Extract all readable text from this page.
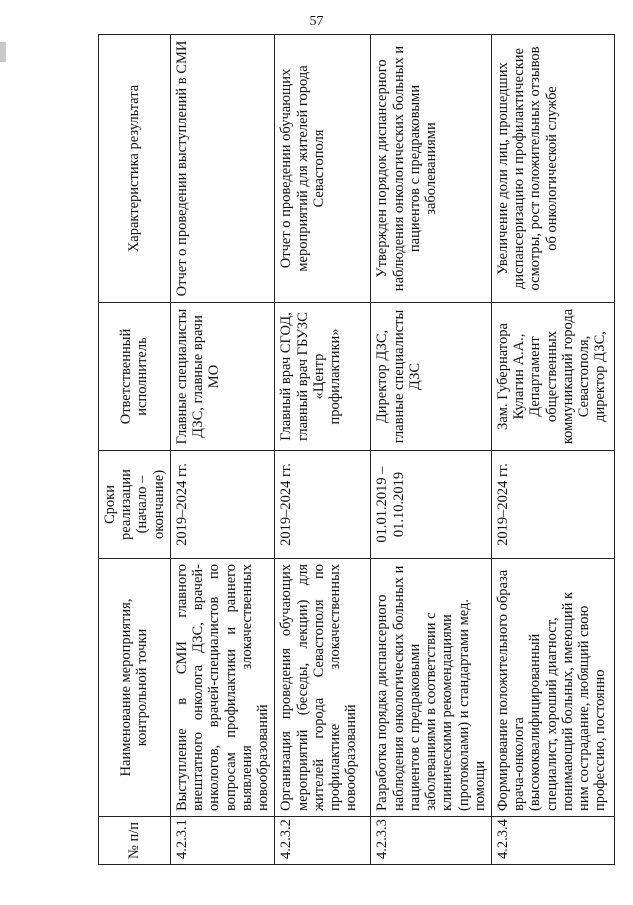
57
№ п/п	Наименование мероприятия, контрольной точки	Сроки реализации (начало – окончание)	Ответственный исполнитель	Характеристика результата
4.2.3.1	Выступление в СМИ главного внештатного онколога ДЗС, врачей-онкологов, врачей-специалистов по вопросам профилактики и раннего выявления злокачественных новообразований	2019–2024 гг.	Главные специалисты ДЗС, главные врачи МО	Отчет о проведении выступлений в СМИ
4.2.3.2	Организация проведения обучающих мероприятий (беседы, лекции) для жителей города Севастополя по профилактике злокачественных новообразований	2019–2024 гг.	Главный врач СГОД, главный врач ГБУЗС «Центр профилактики»	Отчет о проведении обучающих мероприятий для жителей города Севастополя
4.2.3.3	Разработка порядка диспансерного наблюдения онкологических больных и пациентов с предраковыми заболеваниями в соответствии с клиническими рекомендациями (протоколами) и стандартами мед. помощи	01.01.2019 – 01.10.2019	Директор ДЗС, главные специалисты ДЗС	Утвержден порядок диспансерного наблюдения онкологических больных и пациентов с предраковыми заболеваниями
4.2.3.4	Формирование положительного образа врача-онколога (высококвалифицированный специалист, хороший диагност, понимающий больных, имеющий к ним сострадание, любящий свою профессию, постоянно	2019–2024 гг.	Зам. Губернатора Кулагин А.А., Департамент общественных коммуникаций города Севастополя, директор ДЗС,	Увеличение доли лиц, прошедших диспансеризацию и профилактические осмотры, рост положительных отзывов об онкологической службе
